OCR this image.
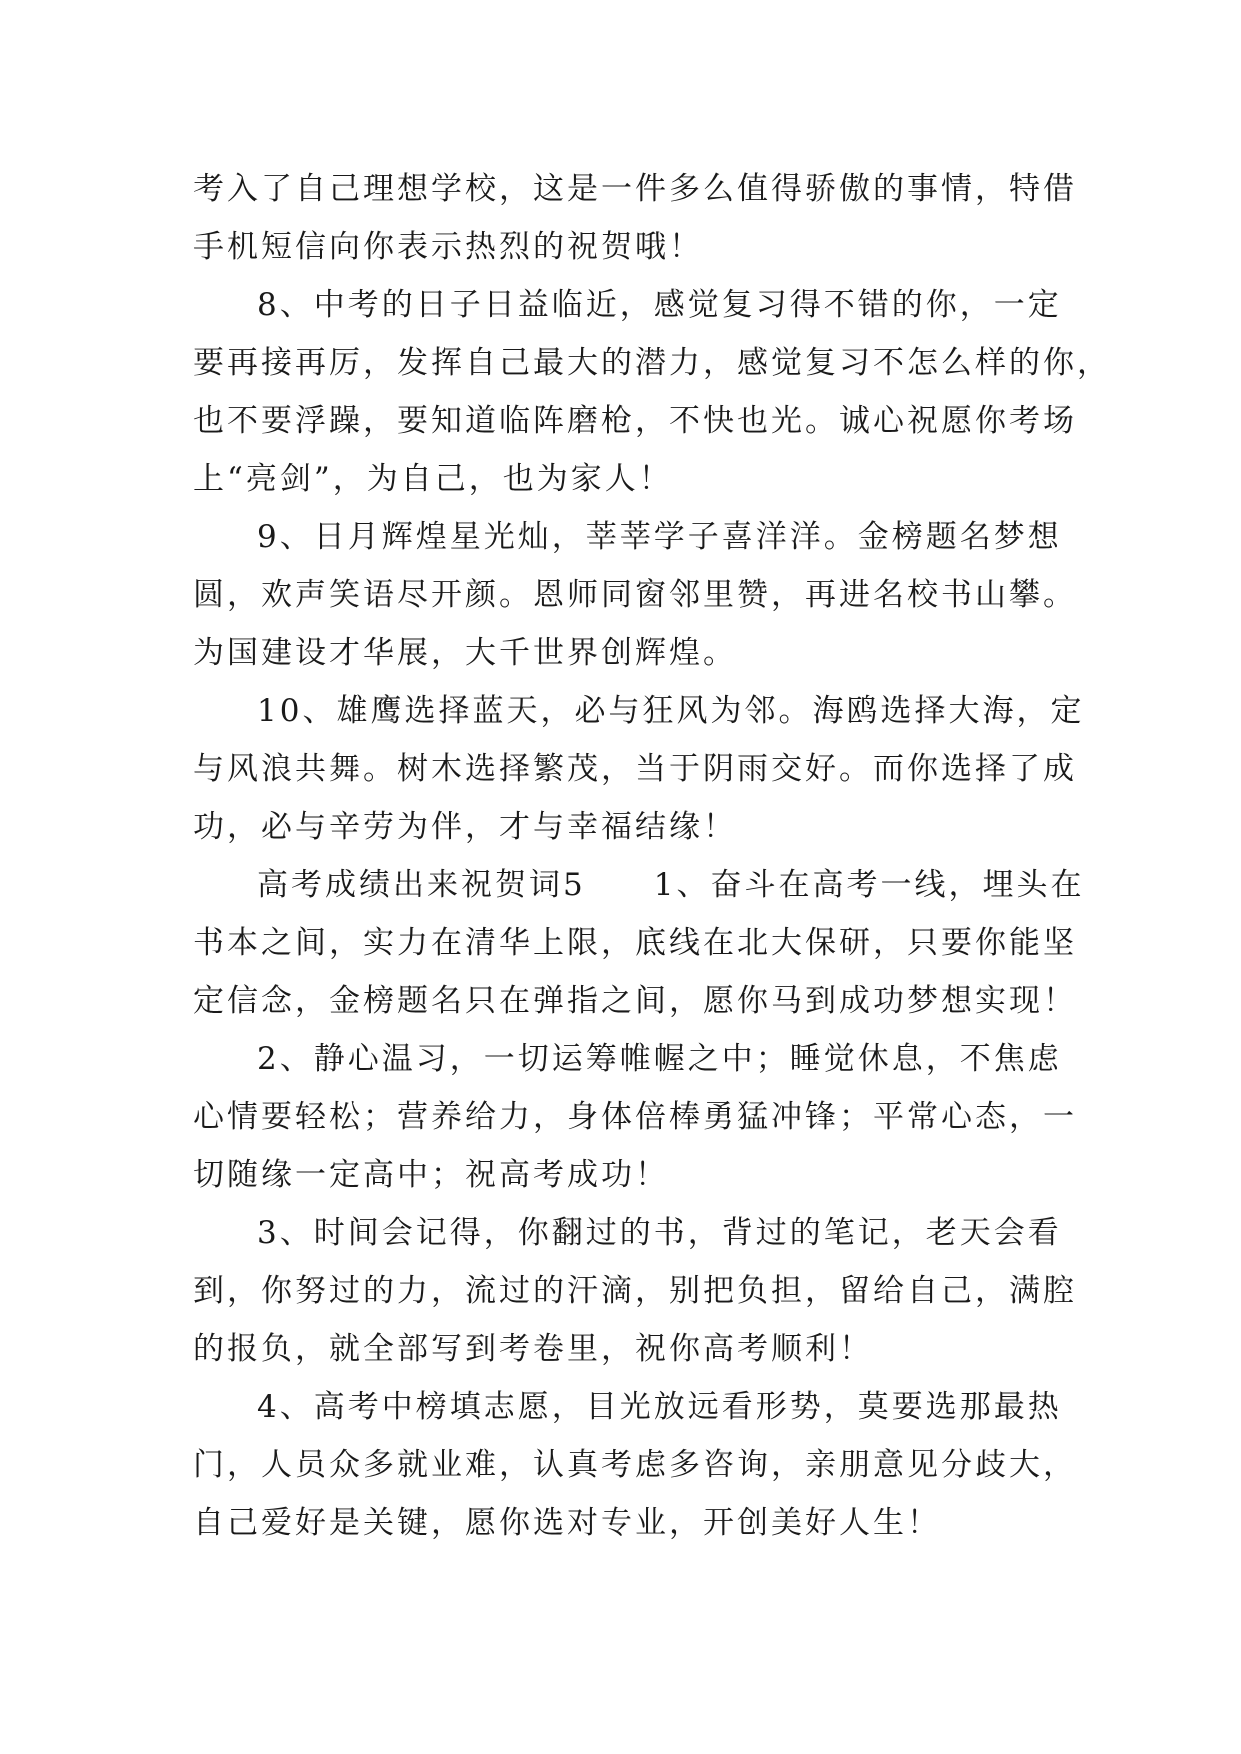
考入了自己理想学校，这是一件多么值得骄傲的事情，特借
手机短信向你表示热烈的祝贺哦！
8、中考的日子日益临近，感觉复习得不错的你，一定
要再接再厉，发挥自己最大的潜力，感觉复习不怎么样的你，
也不要浮躁，要知道临阵磨枪，不快也光。诚心祝愿你考场
上“亮剑”，为自己，也为家人！
9、日月辉煌星光灿，莘莘学子喜洋洋。金榜题名梦想
圆，欢声笑语尽开颜。恩师同窗邻里赞，再进名校书山攀。
为国建设才华展，大千世界创辉煌。
10、雄鹰选择蓝天，必与狂风为邻。海鸥选择大海，定
与风浪共舞。树木选择繁茂，当于阴雨交好。而你选择了成
功，必与辛劳为伴，才与幸福结缘！
高考成绩出来祝贺词5　　1、奋斗在高考一线，埋头在
书本之间，实力在清华上限，底线在北大保研，只要你能坚
定信念，金榜题名只在弹指之间，愿你马到成功梦想实现！
2、静心温习，一切运筹帷幄之中；睡觉休息，不焦虑
心情要轻松；营养给力，身体倍棒勇猛冲锋；平常心态，一
切随缘一定高中；祝高考成功！
3、时间会记得，你翻过的书，背过的笔记，老天会看
到，你努过的力，流过的汗滴，别把负担，留给自己，满腔
的报负，就全部写到考卷里，祝你高考顺利！
4、高考中榜填志愿，目光放远看形势，莫要选那最热
门，人员众多就业难，认真考虑多咨询，亲朋意见分歧大，
自己爱好是关键，愿你选对专业，开创美好人生！
